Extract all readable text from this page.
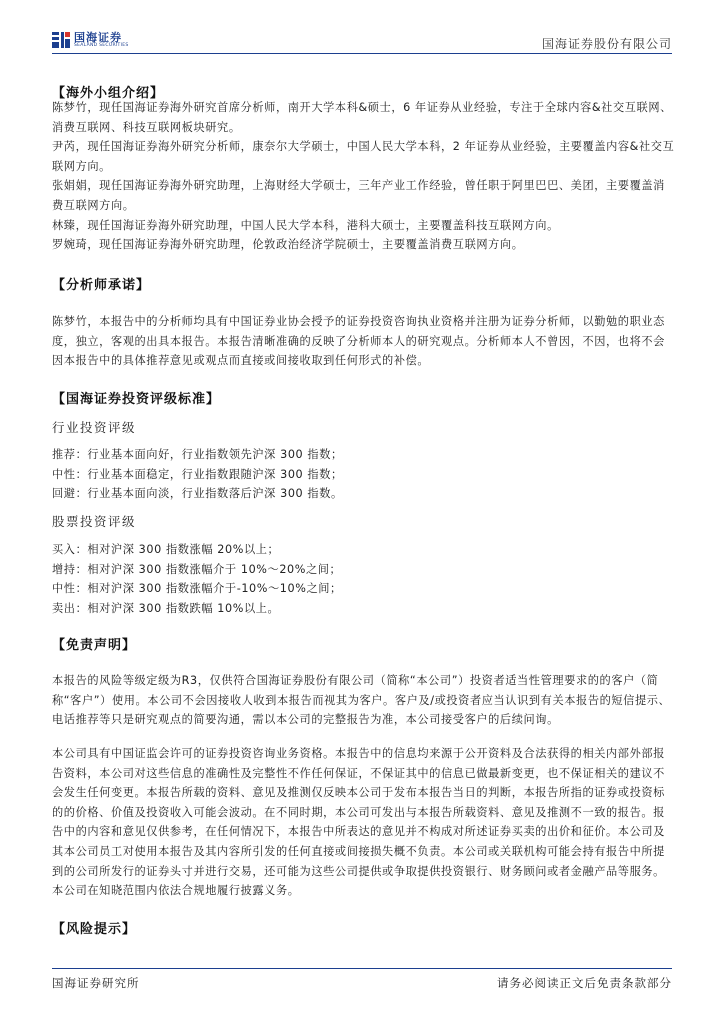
国海证券
SEALAND SECURITIES	国海证券股份有限公司
【海外小组介绍】

陈梦竹，现任国海证券海外研究首席分析师，南开大学本科&硕士，6 年证券从业经验，专注于全球内容&社交互联网、消费互联网、科技互联网板块研究。

尹芮，现任国海证券海外研究分析师，康奈尔大学硕士，中国人民大学本科，2 年证券从业经验，主要覆盖内容&社交互联网方向。

张娟娟，现任国海证券海外研究助理，上海财经大学硕士，三年产业工作经验，曾任职于阿里巴巴、美团，主要覆盖消费互联网方向。

林臻，现任国海证券海外研究助理，中国人民大学本科，港科大硕士，主要覆盖科技互联网方向。

罗婉琦，现任国海证券海外研究助理，伦敦政治经济学院硕士，主要覆盖消费互联网方向。

【分析师承诺】
陈梦竹，本报告中的分析师均具有中国证券业协会授予的证券投资咨询执业资格并注册为证券分析师，以勤勉的职业态度，独立，客观的出具本报告。本报告清晰准确的反映了分析师本人的研究观点。分析师本人不曾因，不因，也将不会因本报告中的具体推荐意见或观点而直接或间接收取到任何形式的补偿。
【国海证券投资评级标准】
行业投资评级
推荐：行业基本面向好，行业指数领先沪深 300 指数；
中性：行业基本面稳定，行业指数跟随沪深 300 指数；
回避：行业基本面向淡，行业指数落后沪深 300 指数。
股票投资评级
买入：相对沪深 300 指数涨幅 20%以上；
增持：相对沪深 300 指数涨幅介于 10%～20%之间；
中性：相对沪深 300 指数涨幅介于-10%～10%之间；
卖出：相对沪深 300 指数跌幅 10%以上。
【免责声明】
本报告的风险等级定级为R3，仅供符合国海证券股份有限公司（简称“本公司”）投资者适当性管理要求的的客户（简称“客户”）使用。本公司不会因接收人收到本报告而视其为客户。客户及/或投资者应当认识到有关本报告的短信提示、电话推荐等只是研究观点的简要沟通，需以本公司的完整报告为准，本公司接受客户的后续问询。
本公司具有中国证监会许可的证券投资咨询业务资格。本报告中的信息均来源于公开资料及合法获得的相关内部外部报告资料，本公司对这些信息的准确性及完整性不作任何保证，不保证其中的信息已做最新变更，也不保证相关的建议不会发生任何变更。本报告所载的资料、意见及推测仅反映本公司于发布本报告当日的判断，本报告所指的证券或投资标的的价格、价值及投资收入可能会波动。在不同时期，本公司可发出与本报告所载资料、意见及推测不一致的报告。报告中的内容和意见仅供参考，在任何情况下，本报告中所表达的意见并不构成对所述证券买卖的出价和征价。本公司及其本公司员工对使用本报告及其内容所引发的任何直接或间接损失概不负责。本公司或关联机构可能会持有报告中所提到的公司所发行的证券头寸并进行交易，还可能为这些公司提供或争取提供投资银行、财务顾问或者金融产品等服务。本公司在知晓范围内依法合规地履行披露义务。
【风险提示】
国海证券研究所	请务必阅读正文后免责条款部分
